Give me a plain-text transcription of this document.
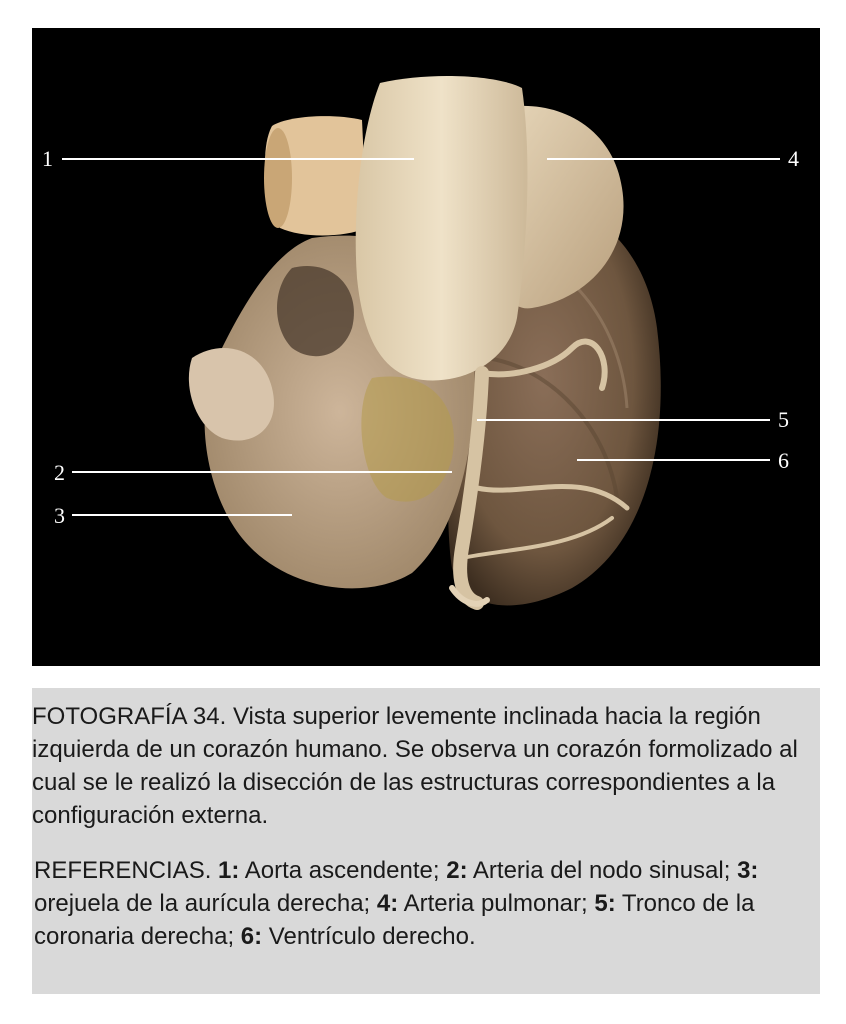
1
2
3
4
5
6

FOTOGRAFÍA 34. Vista superior levemente inclinada hacia la región izquierda de un corazón humano. Se observa un corazón formolizado al cual se le realizó la disección de las estructuras correspondientes a la configuración externa.

REFERENCIAS. 1: Aorta ascendente; 2: Arteria del nodo sinusal; 3: orejuela de la aurícula derecha; 4: Arteria pulmonar; 5: Tronco de la coronaria derecha; 6: Ventrículo derecho.
